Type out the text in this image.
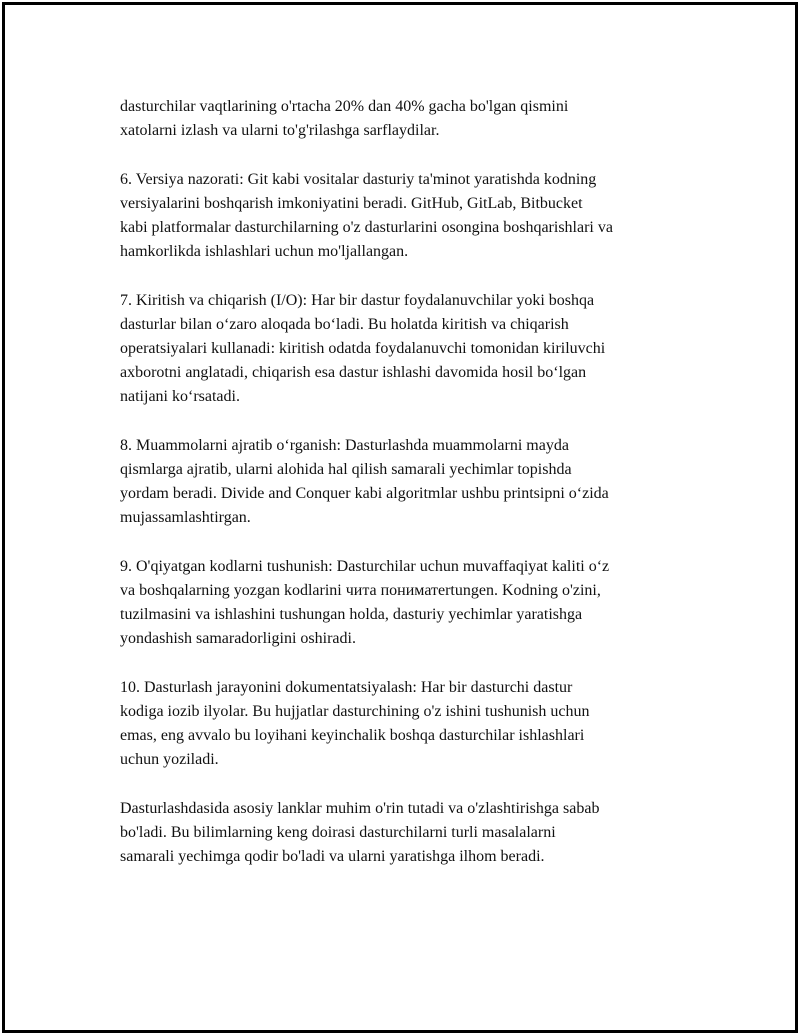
dasturchilar vaqtlarining o'rtacha 20% dan 40% gacha bo'lgan qismini
xatolarni izlash va ularni to'g'rilashga sarflaydilar.

6. Versiya nazorati: Git kabi vositalar dasturiy ta'minot yaratishda kodning
versiyalarini boshqarish imkoniyatini beradi. GitHub, GitLab, Bitbucket
kabi platformalar dasturchilarning o'z dasturlarini osongina boshqarishlari va
hamkorlikda ishlashlari uchun mo'ljallangan.

7. Kiritish va chiqarish (I/O): Har bir dastur foydalanuvchilar yoki boshqa
dasturlar bilan o‘zaro aloqada bo‘ladi. Bu holatda kiritish va chiqarish
operatsiyalari kullanadi: kiritish odatda foydalanuvchi tomonidan kiriluvchi
axborotni anglatadi, chiqarish esa dastur ishlashi davomida hosil bo‘lgan
natijani ko‘rsatadi.

8. Muammolarni ajratib o‘rganish: Dasturlashda muammolarni mayda
qismlarga ajratib, ularni alohida hal qilish samarali yechimlar topishda
yordam beradi. Divide and Conquer kabi algoritmlar ushbu printsipni o‘zida
mujassamlashtirgan.

9. O'qiyatgan kodlarni tushunish: Dasturchilar uchun muvaffaqiyat kaliti o‘z
va boshqalarning yozgan kodlarini чита пониматertungen. Kodning o'zini,
tuzilmasini va ishlashini tushungan holda, dasturiy yechimlar yaratishga
yondashish samaradorligini oshiradi.

10. Dasturlash jarayonini dokumentatsiyalash: Har bir dasturchi dastur
kodiga iozib ilyolar. Bu hujjatlar dasturchining o'z ishini tushunish uchun
emas, eng avvalo bu loyihani keyinchalik boshqa dasturchilar ishlashlari
uchun yoziladi.

Dasturlashdasida asosiy lanklar muhim o'rin tutadi va o'zlashtirishga sabab
bo'ladi. Bu bilimlarning keng doirasi dasturchilarni turli masalalarni
samarali yechimga qodir bo'ladi va ularni yaratishga ilhom beradi.
